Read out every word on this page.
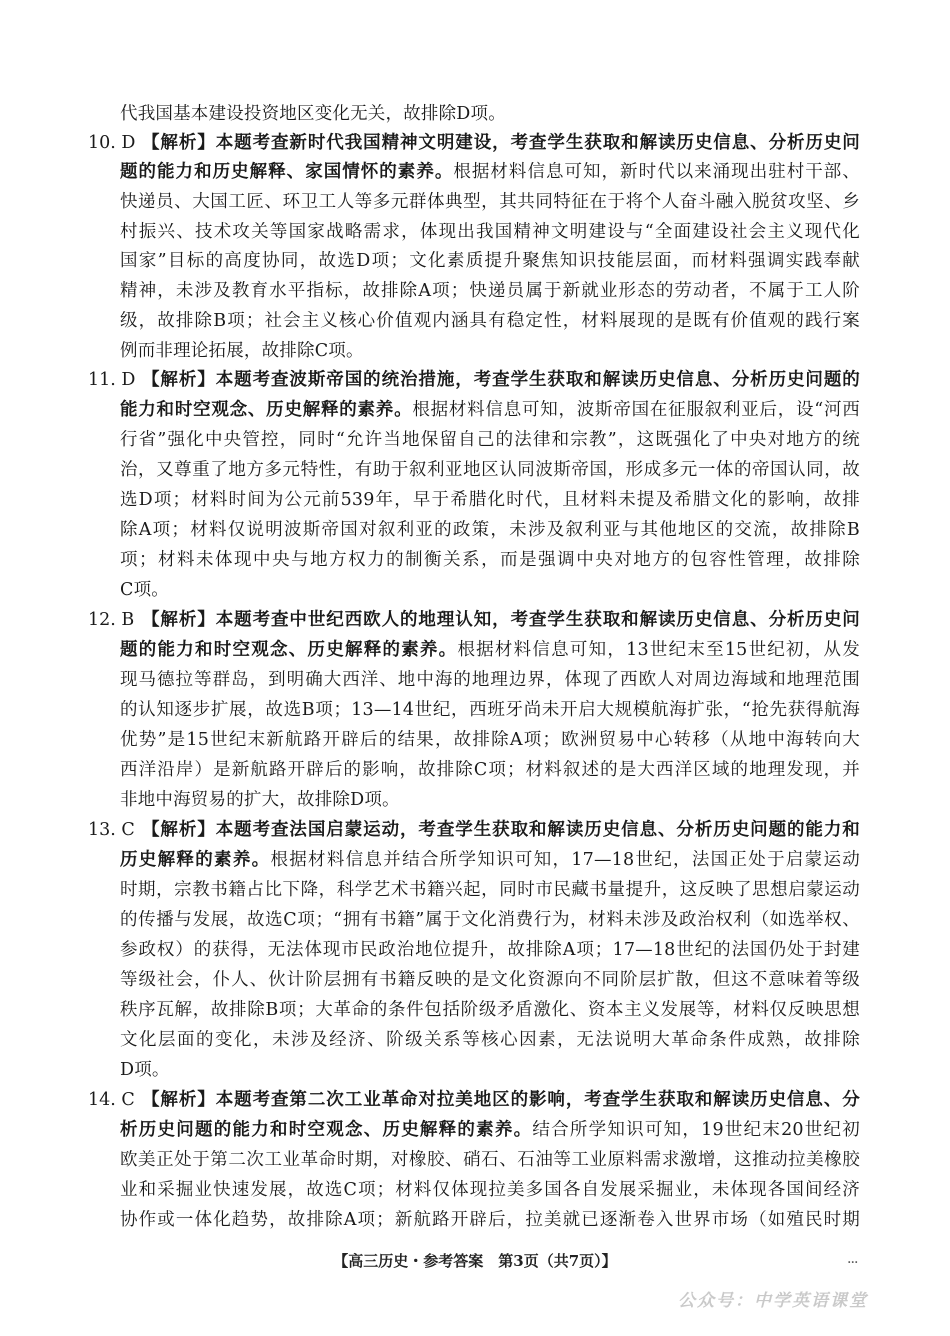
代我国基本建设投资地区变化无关，故排除D项。
10. D 【解析】本题考查新时代我国精神文明建设，考查学生获取和解读历史信息、分析历史问
题的能力和历史解释、家国情怀的素养。根据材料信息可知，新时代以来涌现出驻村干部、
快递员、大国工匠、环卫工人等多元群体典型，其共同特征在于将个人奋斗融入脱贫攻坚、乡
村振兴、技术攻关等国家战略需求，体现出我国精神文明建设与“全面建设社会主义现代化
国家”目标的高度协同，故选D项；文化素质提升聚焦知识技能层面，而材料强调实践奉献
精神，未涉及教育水平指标，故排除A项；快递员属于新就业形态的劳动者，不属于工人阶
级，故排除B项；社会主义核心价值观内涵具有稳定性，材料展现的是既有价值观的践行案
例而非理论拓展，故排除C项。
11. D 【解析】本题考查波斯帝国的统治措施，考查学生获取和解读历史信息、分析历史问题的
能力和时空观念、历史解释的素养。根据材料信息可知，波斯帝国在征服叙利亚后，设“河西
行省”强化中央管控，同时“允许当地保留自己的法律和宗教”，这既强化了中央对地方的统
治，又尊重了地方多元特性，有助于叙利亚地区认同波斯帝国，形成多元一体的帝国认同，故
选D项；材料时间为公元前539年，早于希腊化时代，且材料未提及希腊文化的影响，故排
除A项；材料仅说明波斯帝国对叙利亚的政策，未涉及叙利亚与其他地区的交流，故排除B
项；材料未体现中央与地方权力的制衡关系，而是强调中央对地方的包容性管理，故排除
C项。
12. B 【解析】本题考查中世纪西欧人的地理认知，考查学生获取和解读历史信息、分析历史问
题的能力和时空观念、历史解释的素养。根据材料信息可知，13世纪末至15世纪初，从发
现马德拉等群岛，到明确大西洋、地中海的地理边界，体现了西欧人对周边海域和地理范围
的认知逐步扩展，故选B项；13—14世纪，西班牙尚未开启大规模航海扩张，“抢先获得航海
优势”是15世纪末新航路开辟后的结果，故排除A项；欧洲贸易中心转移（从地中海转向大
西洋沿岸）是新航路开辟后的影响，故排除C项；材料叙述的是大西洋区域的地理发现，并
非地中海贸易的扩大，故排除D项。
13. C 【解析】本题考查法国启蒙运动，考查学生获取和解读历史信息、分析历史问题的能力和
历史解释的素养。根据材料信息并结合所学知识可知，17—18世纪，法国正处于启蒙运动
时期，宗教书籍占比下降，科学艺术书籍兴起，同时市民藏书量提升，这反映了思想启蒙运动
的传播与发展，故选C项；“拥有书籍”属于文化消费行为，材料未涉及政治权利（如选举权、
参政权）的获得，无法体现市民政治地位提升，故排除A项；17—18世纪的法国仍处于封建
等级社会，仆人、伙计阶层拥有书籍反映的是文化资源向不同阶层扩散，但这不意味着等级
秩序瓦解，故排除B项；大革命的条件包括阶级矛盾激化、资本主义发展等，材料仅反映思想
文化层面的变化，未涉及经济、阶级关系等核心因素，无法说明大革命条件成熟，故排除
D项。
14. C 【解析】本题考查第二次工业革命对拉美地区的影响，考查学生获取和解读历史信息、分
析历史问题的能力和时空观念、历史解释的素养。结合所学知识可知，19世纪末20世纪初
欧美正处于第二次工业革命时期，对橡胶、硝石、石油等工业原料需求激增，这推动拉美橡胶
业和采掘业快速发展，故选C项；材料仅体现拉美多国各自发展采掘业，未体现各国间经济
协作或一体化趋势，故排除A项；新航路开辟后，拉美就已逐渐卷入世界市场（如殖民时期
【高三历史・参考答案　第3页（共7页）】	...
公众号：中学英语课堂
